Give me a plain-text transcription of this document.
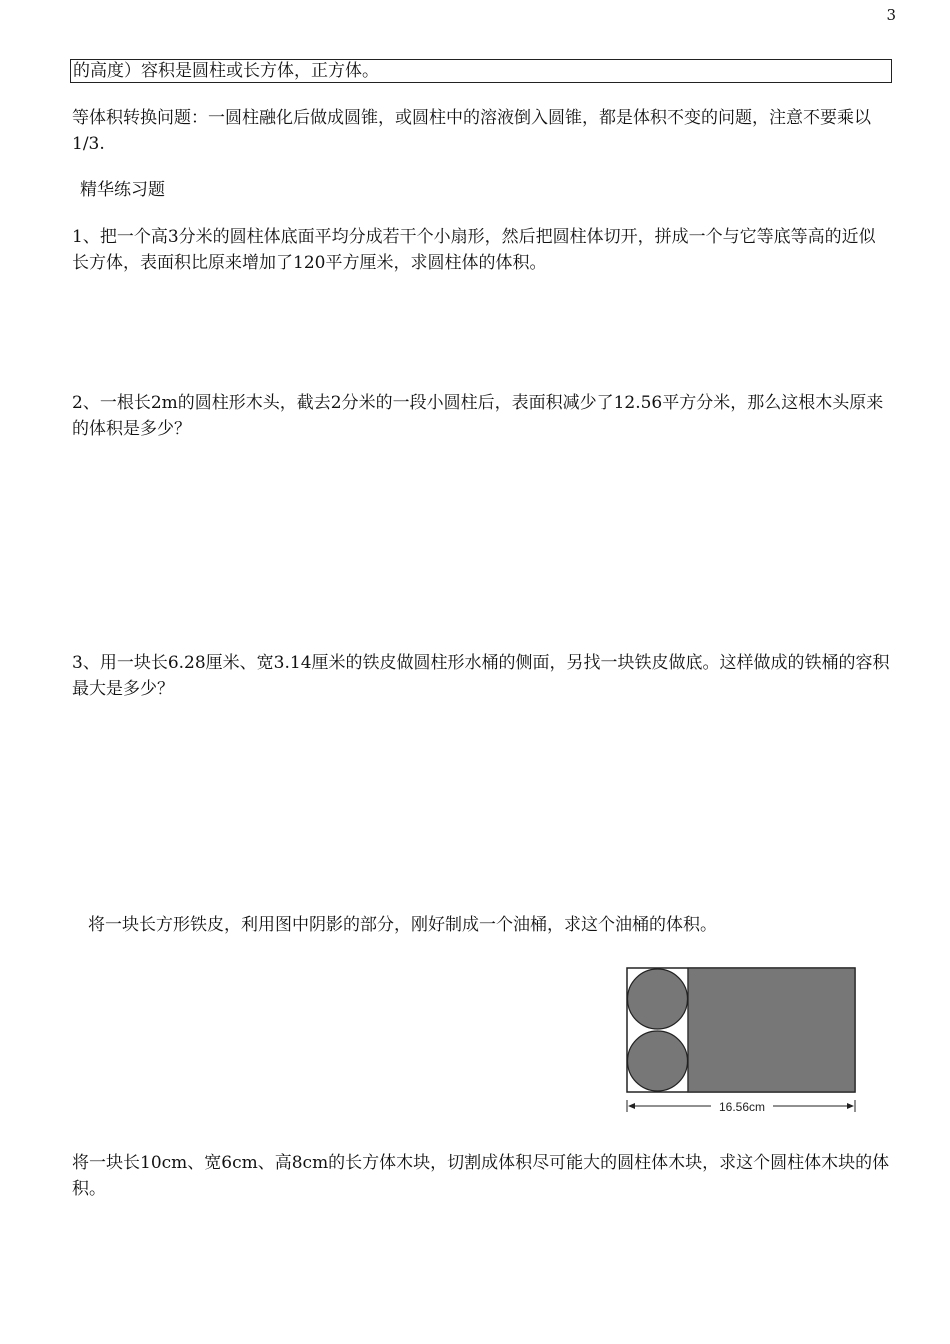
3
的高度）容积是圆柱或长方体，正方体。

等体积转换问题：一圆柱融化后做成圆锥，或圆柱中的溶液倒入圆锥，都是体积不变的问题，注意不要乘以1/3.

精华练习题

1、把一个高3分米的圆柱体底面平均分成若干个小扇形，然后把圆柱体切开，拼成一个与它等底等高的近似长方体，表面积比原来增加了120平方厘米，求圆柱体的体积。

2、一根长2m的圆柱形木头，截去2分米的一段小圆柱后，表面积减少了12.56平方分米，那么这根木头原来的体积是多少？

3、用一块长6.28厘米、宽3.14厘米的铁皮做圆柱形水桶的侧面，另找一块铁皮做底。这样做成的铁桶的容积最大是多少？

将一块长方形铁皮，利用图中阴影的部分，刚好制成一个油桶，求这个油桶的体积。

16.56cm

将一块长10cm、宽6cm、高8cm的长方体木块，切割成体积尽可能大的圆柱体木块，求这个圆柱体木块的体积。
